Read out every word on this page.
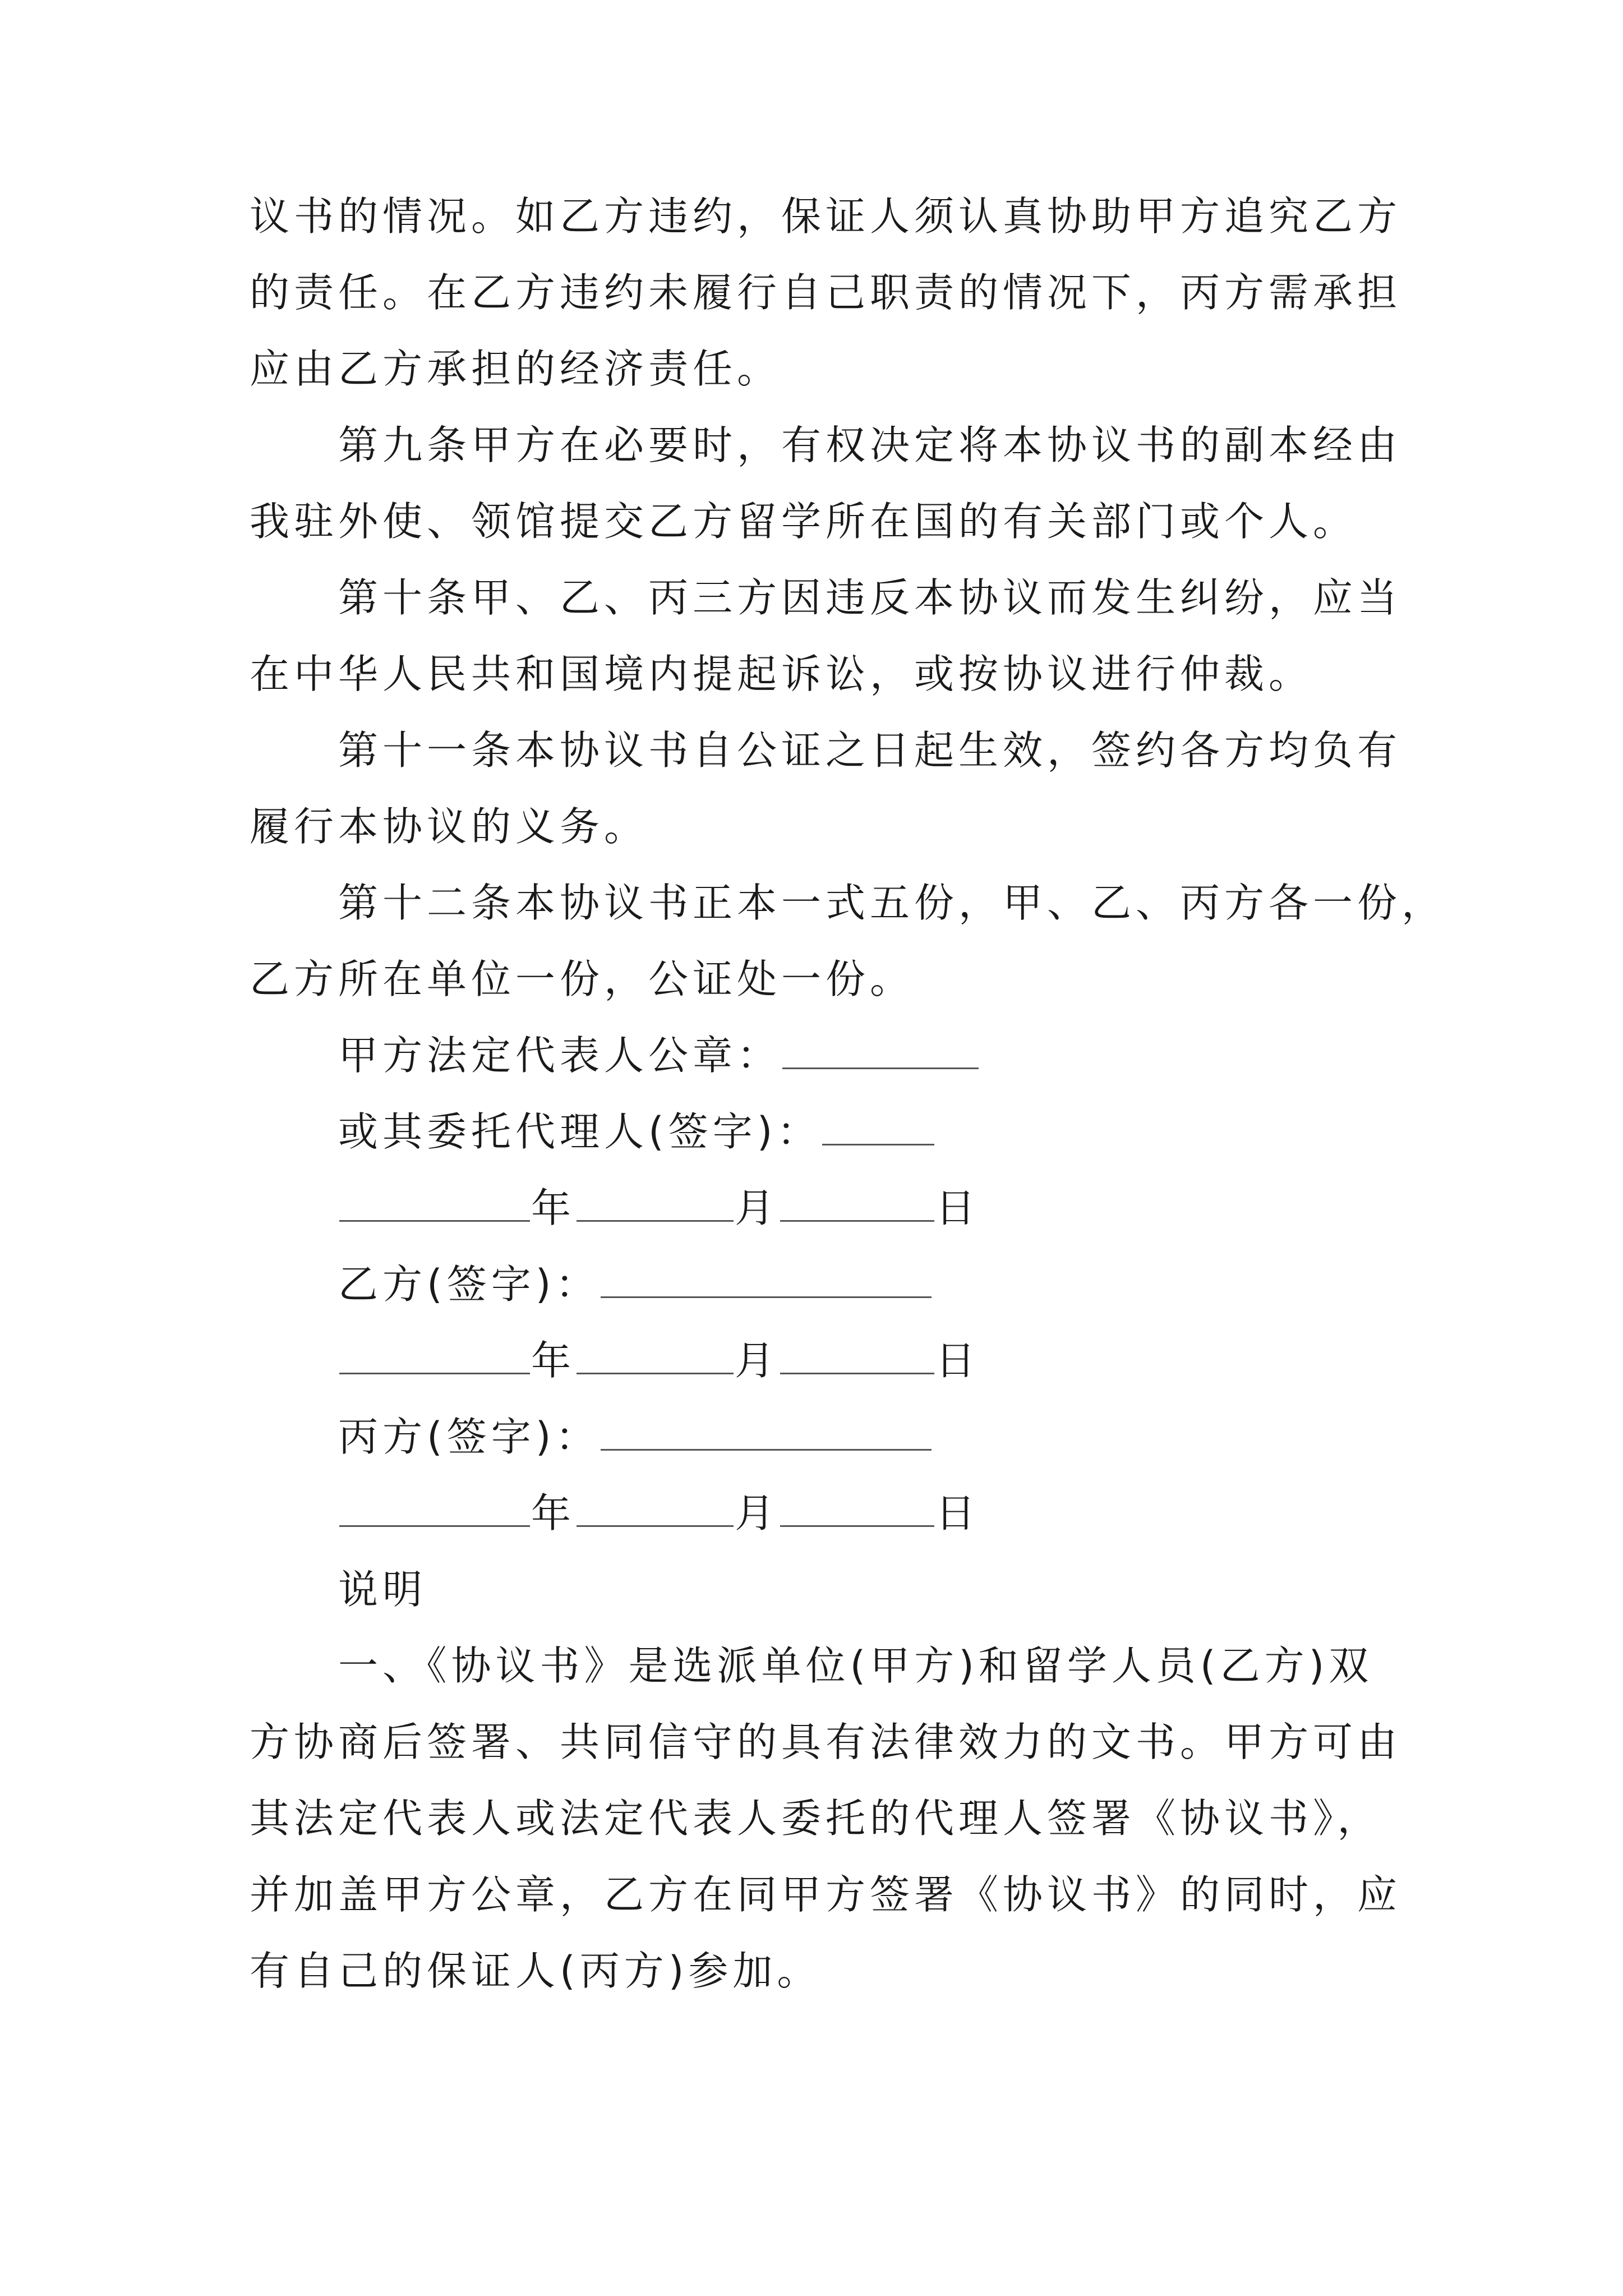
议书的情况。如乙方违约，保证人须认真协助甲方追究乙方
的责任。在乙方违约未履行自己职责的情况下，丙方需承担
应由乙方承担的经济责任。
第九条甲方在必要时，有权决定将本协议书的副本经由
我驻外使、领馆提交乙方留学所在国的有关部门或个人。
第十条甲、乙、丙三方因违反本协议而发生纠纷，应当
在中华人民共和国境内提起诉讼，或按协议进行仲裁。
第十一条本协议书自公证之日起生效，签约各方均负有
履行本协议的义务。
第十二条本协议书正本一式五份，甲、乙、丙方各一份，
乙方所在单位一份，公证处一份。
甲方法定代表人公章：
或其委托代理人(签字)：
年	月	日
乙方(签字)：
年	月	日
丙方(签字)：
年	月	日
说明
一、《协议书》是选派单位(甲方)和留学人员(乙方)双
方协商后签署、共同信守的具有法律效力的文书。甲方可由
其法定代表人或法定代表人委托的代理人签署《协议书》，
并加盖甲方公章，乙方在同甲方签署《协议书》的同时，应
有自己的保证人(丙方)参加。
